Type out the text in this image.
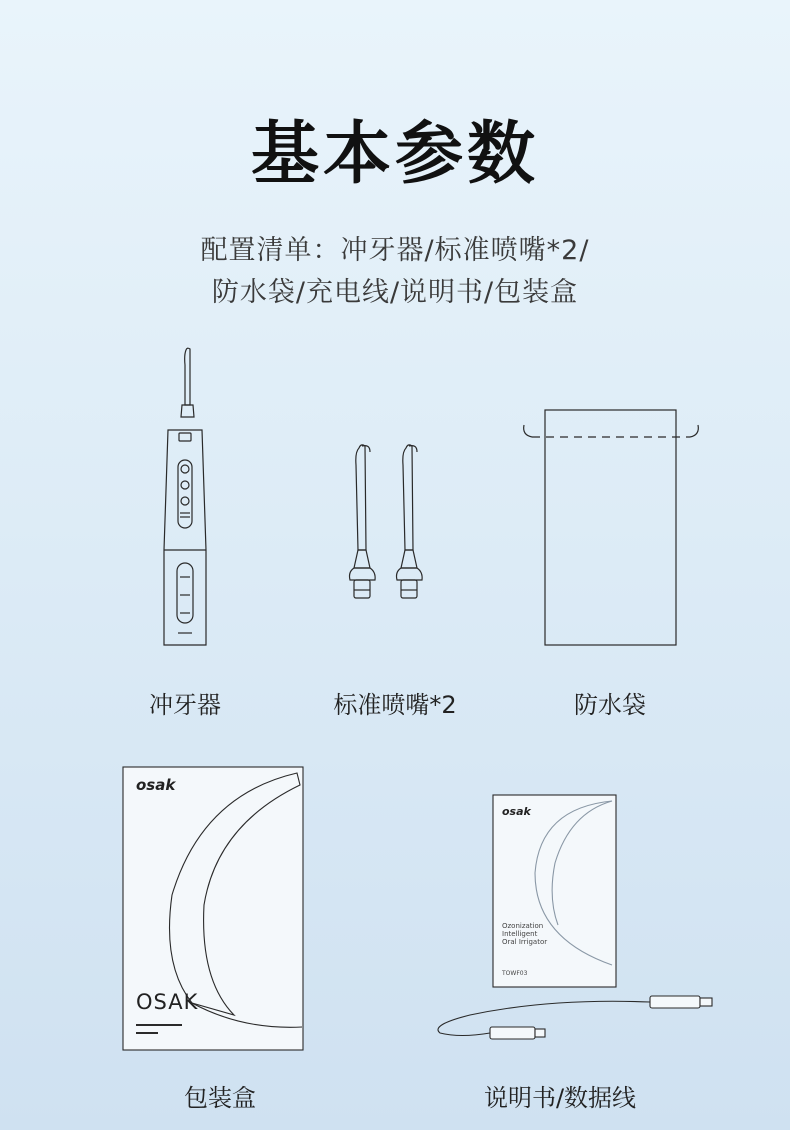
基本参数
配置清单：冲牙器/标准喷嘴*2/
防水袋/充电线/说明书/包装盒
冲牙器	标准喷嘴*2	防水袋
osak
OSAK
osak
Ozonization
Intelligent
Oral Irrigator
TOWF03
包装盒	说明书/数据线
